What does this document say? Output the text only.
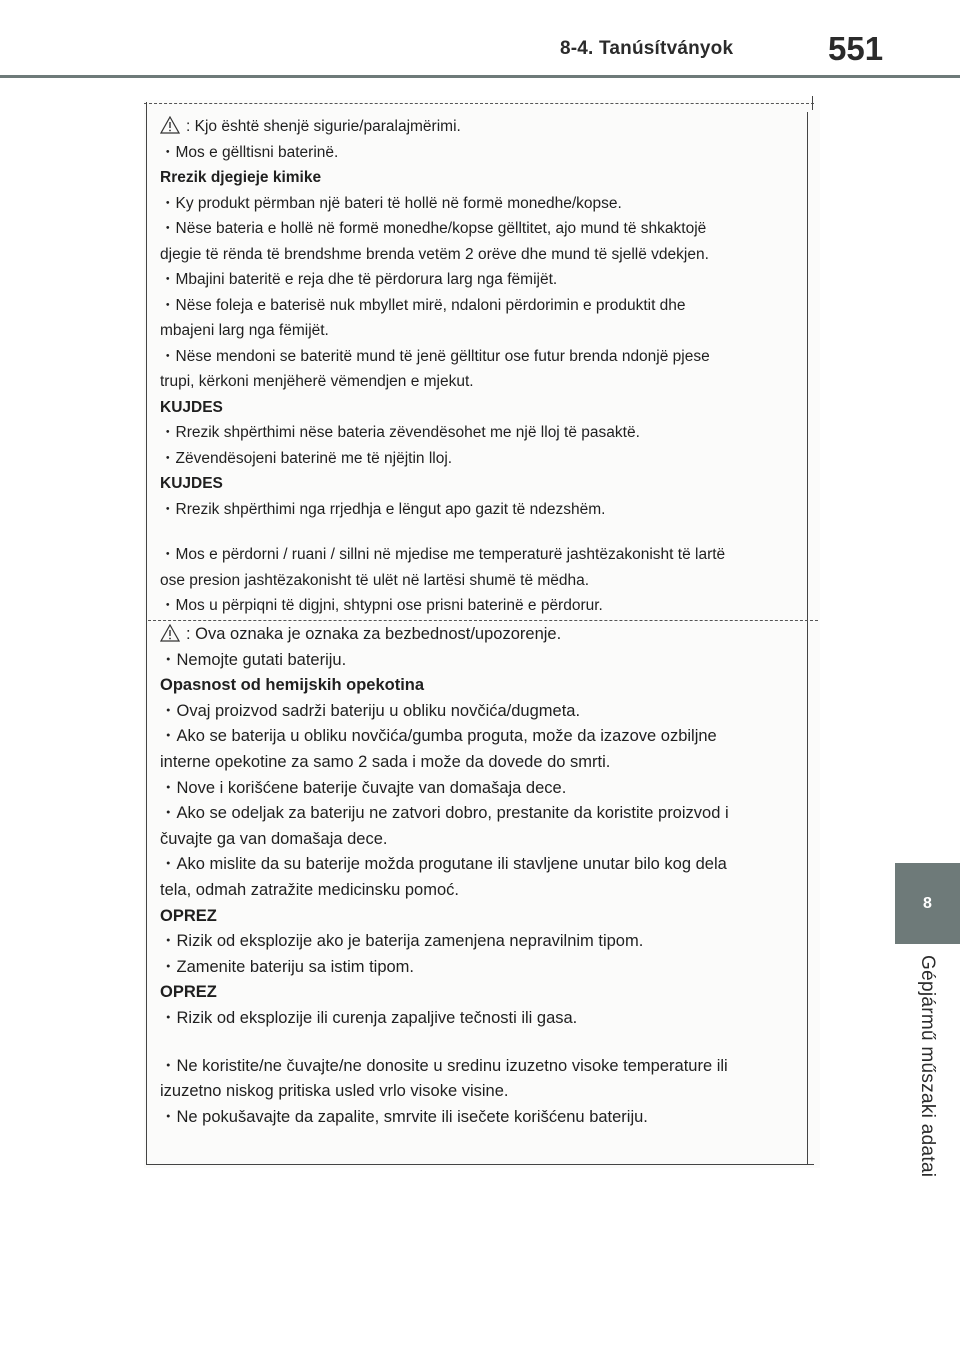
8-4. Tanúsítványok	551
8
Gépjármű műszaki adatai
: Kjo është shenjë sigurie/paralajmërimi.
・Mos e gëlltisni baterinë.
Rrezik djegieje kimike
・Ky produkt përmban një bateri të hollë në formë monedhe/kopse.
・Nëse bateria e hollë në formë monedhe/kopse gëlltitet, ajo mund të shkaktojë
djegie të rënda të brendshme brenda vetëm 2 orëve dhe mund të sjellë vdekjen.
・Mbajini bateritë e reja dhe të përdorura larg nga fëmijët.
・Nëse foleja e baterisë nuk mbyllet mirë, ndaloni përdorimin e produktit dhe
mbajeni larg nga fëmijët.
・Nëse mendoni se bateritë mund të jenë gëlltitur ose futur brenda ndonjë pjese
trupi, kërkoni menjëherë vëmendjen e mjekut.
KUJDES
・Rrezik shpërthimi nëse bateria zëvendësohet me një lloj të pasaktë.
・Zëvendësojeni baterinë me të njëjtin lloj.
KUJDES
・Rrezik shpërthimi nga rrjedhja e lëngut apo gazit të ndezshëm.
・Mos e përdorni / ruani / sillni në mjedise me temperaturë jashtëzakonisht të lartë
ose presion jashtëzakonisht të ulët në lartësi shumë të mëdha.
・Mos u përpiqni të digjni, shtypni ose prisni baterinë e përdorur.
: Ova oznaka je oznaka za bezbednost/upozorenje.
・Nemojte gutati bateriju.
Opasnost od hemijskih opekotina
・Ovaj proizvod sadrži bateriju u obliku novčića/dugmeta.
・Ako se baterija u obliku novčića/gumba proguta, može da izazove ozbiljne
interne opekotine za samo 2 sada i može da dovede do smrti.
・Nove i korišćene baterije čuvajte van domašaja dece.
・Ako se odeljak za bateriju ne zatvori dobro, prestanite da koristite proizvod i
čuvajte ga van domašaja dece.
・Ako mislite da su baterije možda progutane ili stavljene unutar bilo kog dela
tela, odmah zatražite medicinsku pomoć.
OPREZ
・Rizik od eksplozije ako je baterija zamenjena nepravilnim tipom.
・Zamenite bateriju sa istim tipom.
OPREZ
・Rizik od eksplozije ili curenja zapaljive tečnosti ili gasa.
・Ne koristite/ne čuvajte/ne donosite u sredinu izuzetno visoke temperature ili
izuzetno niskog pritiska usled vrlo visoke visine.
・Ne pokušavajte da zapalite, smrvite ili isečete korišćenu bateriju.
